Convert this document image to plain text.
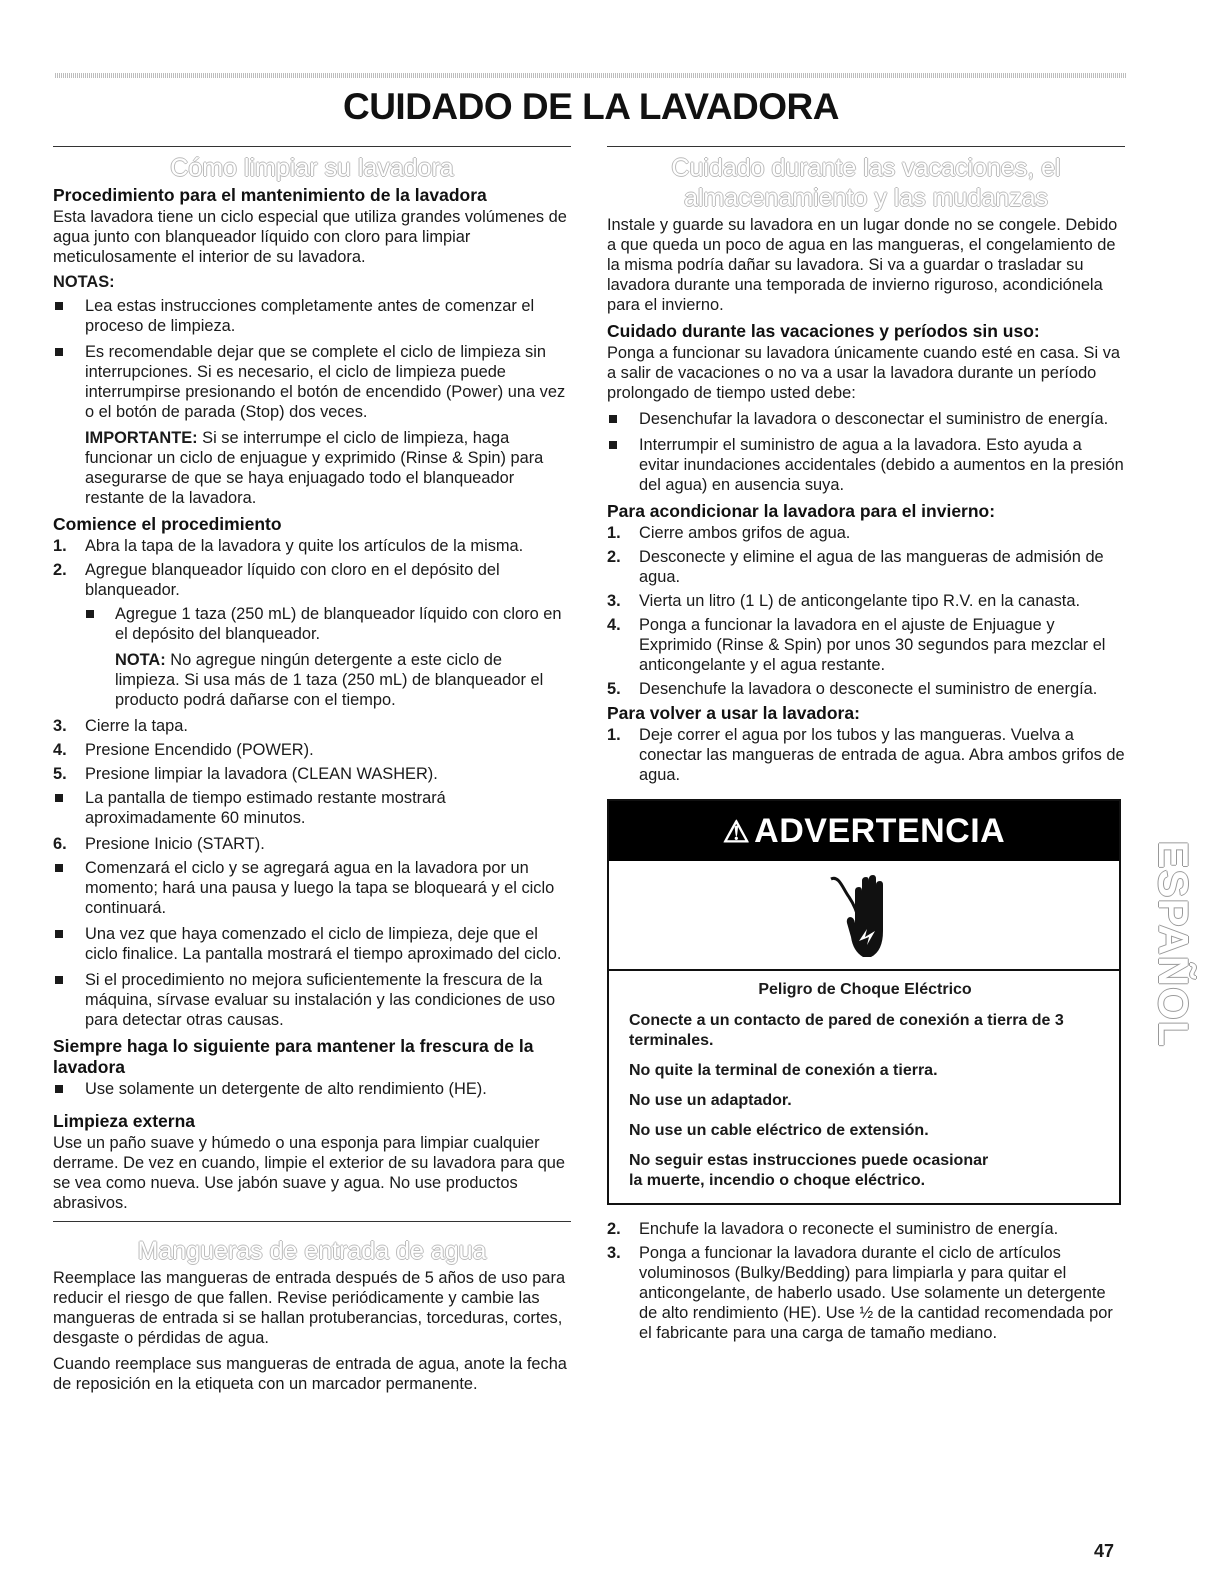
CUIDADO DE LA LAVADORA
Cómo limpiar su lavadora
Procedimiento para el mantenimiento de la lavadora

Esta lavadora tiene un ciclo especial que utiliza grandes volúmenes de agua junto con blanqueador líquido con cloro para limpiar meticulosamente el interior de su lavadora.

NOTAS:
Lea estas instrucciones completamente antes de comenzar el proceso de limpieza.
Es recomendable dejar que se complete el ciclo de limpieza sin interrupciones. Si es necesario, el ciclo de limpieza puede interrumpirse presionando el botón de encendido (Power) una vez o el botón de parada (Stop) dos veces.
IMPORTANTE: Si se interrumpe el ciclo de limpieza, haga funcionar un ciclo de enjuague y exprimido (Rinse & Spin) para asegurarse de que se haya enjuagado todo el blanqueador restante de la lavadora.
Comience el procedimiento
1. Abra la tapa de la lavadora y quite los artículos de la misma.
2. Agregue blanqueador líquido con cloro en el depósito del blanqueador.
Agregue 1 taza (250 mL) de blanqueador líquido con cloro en el depósito del blanqueador.
NOTA: No agregue ningún detergente a este ciclo de limpieza. Si usa más de 1 taza (250 mL) de blanqueador el producto podrá dañarse con el tiempo.
3. Cierre la tapa.
4. Presione Encendido (POWER).
5. Presione limpiar la lavadora (CLEAN WASHER).
La pantalla de tiempo estimado restante mostrará aproximadamente 60 minutos.
6. Presione Inicio (START).
Comenzará el ciclo y se agregará agua en la lavadora por un momento; hará una pausa y luego la tapa se bloqueará y el ciclo continuará.
Una vez que haya comenzado el ciclo de limpieza, deje que el ciclo finalice. La pantalla mostrará el tiempo aproximado del ciclo.
Si el procedimiento no mejora suficientemente la frescura de la máquina, sírvase evaluar su instalación y las condiciones de uso para detectar otras causas.
Siempre haga lo siguiente para mantener la frescura de la lavadora
Use solamente un detergente de alto rendimiento (HE).
Limpieza externa

Use un paño suave y húmedo o una esponja para limpiar cualquier derrame. De vez en cuando, limpie el exterior de su lavadora para que se vea como nueva. Use jabón suave y agua. No use productos abrasivos.

Mangueras de entrada de agua

Reemplace las mangueras de entrada después de 5 años de uso para reducir el riesgo de que fallen. Revise periódicamente y cambie las mangueras de entrada si se hallan protuberancias, torceduras, cortes, desgaste o pérdidas de agua.

Cuando reemplace sus mangueras de entrada de agua, anote la fecha de reposición en la etiqueta con un marcador permanente.

Cuidado durante las vacaciones, el
almacenamiento y las mudanzas

Instale y guarde su lavadora en un lugar donde no se congele. Debido a que queda un poco de agua en las mangueras, el congelamiento de la misma podría dañar su lavadora. Si va a guardar o trasladar su lavadora durante una temporada de invierno riguroso, acondiciónela para el invierno.

Cuidado durante las vacaciones y períodos sin uso:

Ponga a funcionar su lavadora únicamente cuando esté en casa. Si va a salir de vacaciones o no va a usar la lavadora durante un período prolongado de tiempo usted debe:

Desenchufar la lavadora o desconectar el suministro de energía.
Interrumpir el suministro de agua a la lavadora. Esto ayuda a evitar inundaciones accidentales (debido a aumentos en la presión del agua) en ausencia suya.
Para acondicionar la lavadora para el invierno:
1. Cierre ambos grifos de agua.
2. Desconecte y elimine el agua de las mangueras de admisión de agua.
3. Vierta un litro (1 L) de anticongelante tipo R.V. en la canasta.
4. Ponga a funcionar la lavadora en el ajuste de Enjuague y Exprimido (Rinse & Spin) por unos 30 segundos para mezclar el anticongelante y el agua restante.
5. Desenchufe la lavadora o desconecte el suministro de energía.
Para volver a usar la lavadora:
1. Deje correr el agua por los tubos y las mangueras. Vuelva a conectar las mangueras de entrada de agua. Abra ambos grifos de agua.
⚠ ADVERTENCIA
Peligro de Choque Eléctrico
Conecte a un contacto de pared de conexión a tierra de 3 terminales.
No quite la terminal de conexión a tierra.
No use un adaptador.
No use un cable eléctrico de extensión.
No seguir estas instrucciones puede ocasionar
la muerte, incendio o choque eléctrico.
2. Enchufe la lavadora o reconecte el suministro de energía.
3. Ponga a funcionar la lavadora durante el ciclo de artículos voluminosos (Bulky/Bedding) para limpiarla y para quitar el anticongelante, de haberlo usado. Use solamente un detergente de alto rendimiento (HE). Use ½ de la cantidad recomendada por el fabricante para una carga de tamaño mediano.
ESPAÑOL
47
